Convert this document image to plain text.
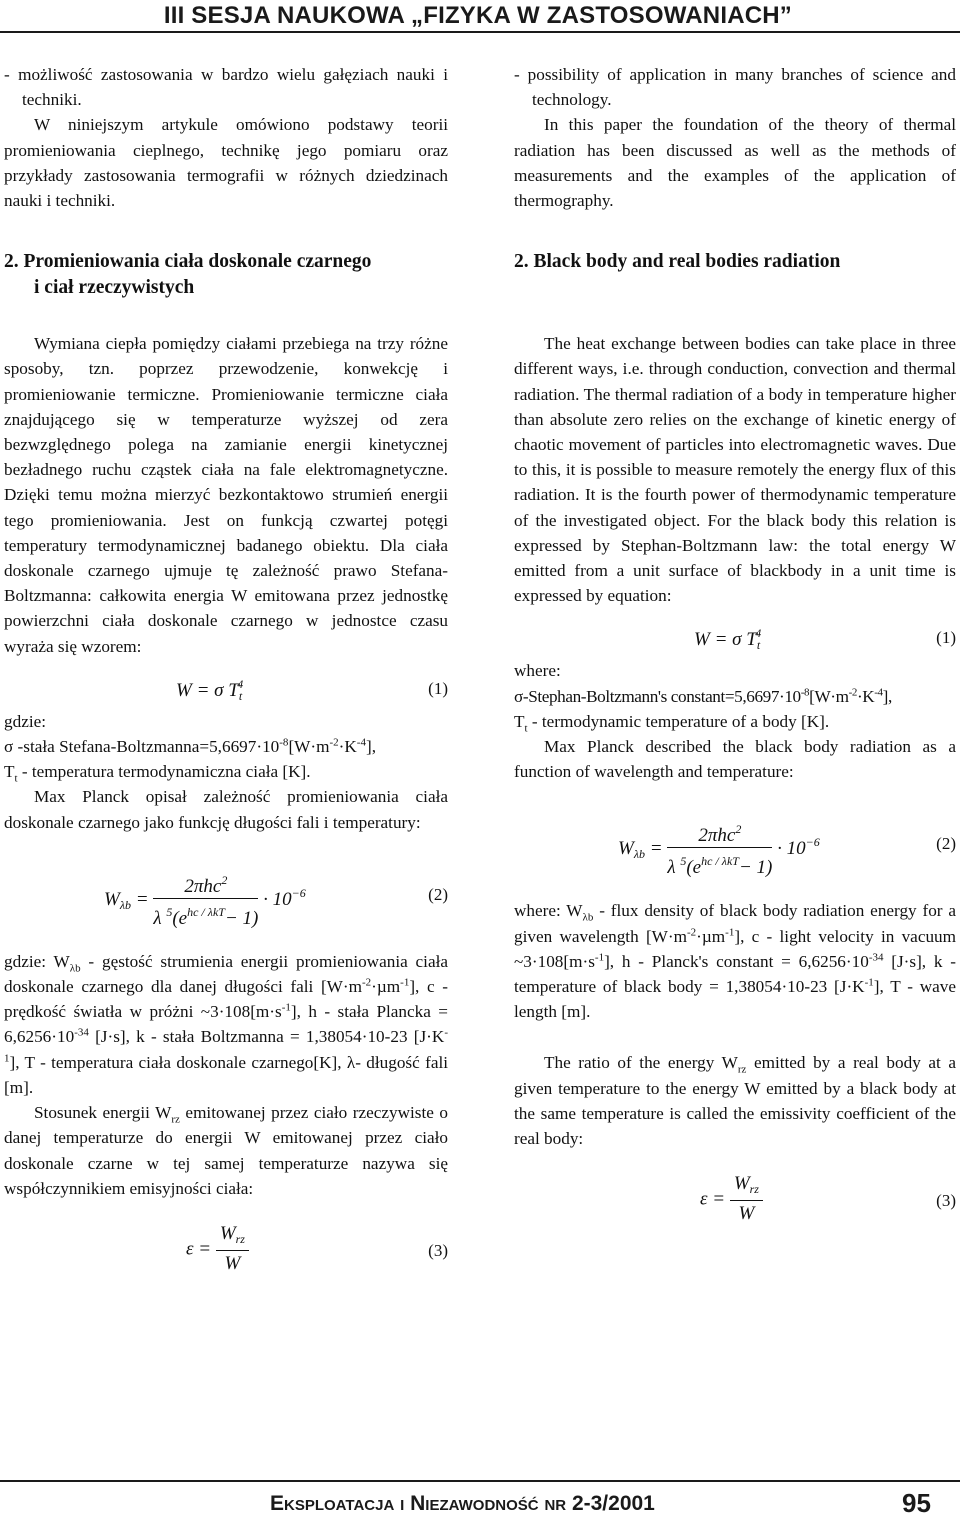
III SESJA NAUKOWA „FIZYKA W ZASTOSOWANIACH”

- możliwość zastosowania w bardzo wielu gałęziach nauki i techniki.

W niniejszym artykule omówiono podstawy teorii promieniowania cieplnego, technikę jego pomiaru oraz przykłady zastosowania termografii w różnych dziedzinach nauki i techniki.

2. Promieniowania ciała doskonale czarnego
i ciał rzeczywistych

Wymiana ciepła pomiędzy ciałami przebiega na trzy różne sposoby, tzn. poprzez przewodzenie, konwekcję i promieniowanie termiczne. Promieniowanie termiczne ciała znajdującego się w temperaturze wyższej od zera bezwzględnego polega na zamianie energii kinetycznej bezładnego ruchu cząstek ciała na fale elektromagnetyczne. Dzięki temu można mierzyć bezkontaktowo strumień energii tego promieniowania. Jest on funkcją czwartej potęgi temperatury termodynamicznej badanego obiektu. Dla ciała doskonale czarnego ujmuje tę zależność prawo Stefana-Boltzmanna: całkowita energia W emitowana przez jednostkę powierzchni ciała doskonale czarnego w jednostce czasu wyraża się wzorem:

W = σ $T_t^4$	(1)

gdzie:

σ -stała Stefana-$Boltzmanna=5,6697\cdot 10^{-8}[W\cdot m^{-2}\cdot K^{-4}]$,

$T_t$ - temperatura termodynamiczna ciała [K].

Max Planck opisał zależność promieniowania ciała doskonale czarnego jako funkcję długości fali i temperatury:

$W_{\lambda b} = \frac{2\pi hc^2}{\lambda ^5(e^{hc / \lambda kT}- 1)} \cdot 10^{-6}$	(2)

gdzie: $W_{\lambda b}$ - gęstość strumienia energii promieniowania ciała doskonale czarnego dla danej długości fali $[W\cdot m^{-2}\cdot\mu m^{-1}]$, c - prędkość światła w próżni $\sim 3\cdot 108[m\cdot s^{-1}]$, h - stała Plancka = $6,6256\cdot 10^{-34}$ [J·s], k - stała Boltzmanna = 1,38054·10-23 $[J\cdot K^{-1}]$, T - temperatura ciała doskonale czarnego[K], λ- długość fali [m].

Stosunek energii $W_{rz}$ emitowanej przez ciało rzeczywiste o danej temperaturze do energii W emitowanej przez ciało doskonale czarne w tej samej temperaturze nazywa się współczynnikiem emisyjności ciała:

$\varepsilon = \frac{W_{rz}}{W}$	(3)

- possibility of application in many branches of science and technology.

In this paper the foundation of the theory of thermal radiation has been discussed as well as the methods of measurements and the examples of the application of thermography.

2. Black body and real bodies radiation

The heat exchange between bodies can take place in three different ways, i.e. through conduction, convection and thermal radiation. The thermal radiation of a body in temperature higher than absolute zero relies on the exchange of kinetic energy of chaotic movement of particles into electromagnetic waves. Due to this, it is possible to measure remotely the energy flux of this radiation. It is the fourth power of thermodynamic temperature of the investigated object. For the black body this relation is expressed by Stephan-Boltzmann law: the total energy W emitted from a unit surface of blackbody in a unit time is expressed by equation:

W = σ $T_t^4$	(1)

where:

σ-Stephan-Boltzmann's $constant=5,6697\cdot 10^{-8}[W\cdot m^{-2}\cdot K^{-4}]$,

$T_t$ - termodynamic temperature of a body [K].

Max Planck described the black body radiation as a function of wavelength and temperature:

$W_{\lambda b} = \frac{2\pi hc^2}{\lambda ^5(e^{hc / \lambda kT}- 1)} \cdot 10^{-6}$	(2)

where: $W_{\lambda b}$ - flux density of black body radiation energy for a given wavelength $[W\cdot m^{-2}\cdot\mu m^{-1}]$, c - light velocity in vacuum $\sim 3\cdot 108[m\cdot s^{-1}]$, h - Planck's constant = $6,6256\cdot 10^{-34}$ [J·s], k -temperature of black body = 1,38054·10-23 $[J\cdot K^{-1}]$, T - wave length [m].

The ratio of the energy $W_{rz}$ emitted by a real body at a given temperature to the energy W emitted by a black body at the same temperature is called the emissivity coefficient of the real body:

$\varepsilon = \frac{W_{rz}}{W}$	(3)
Eksploatacja i Niezawodność nr 2-3/2001	95
